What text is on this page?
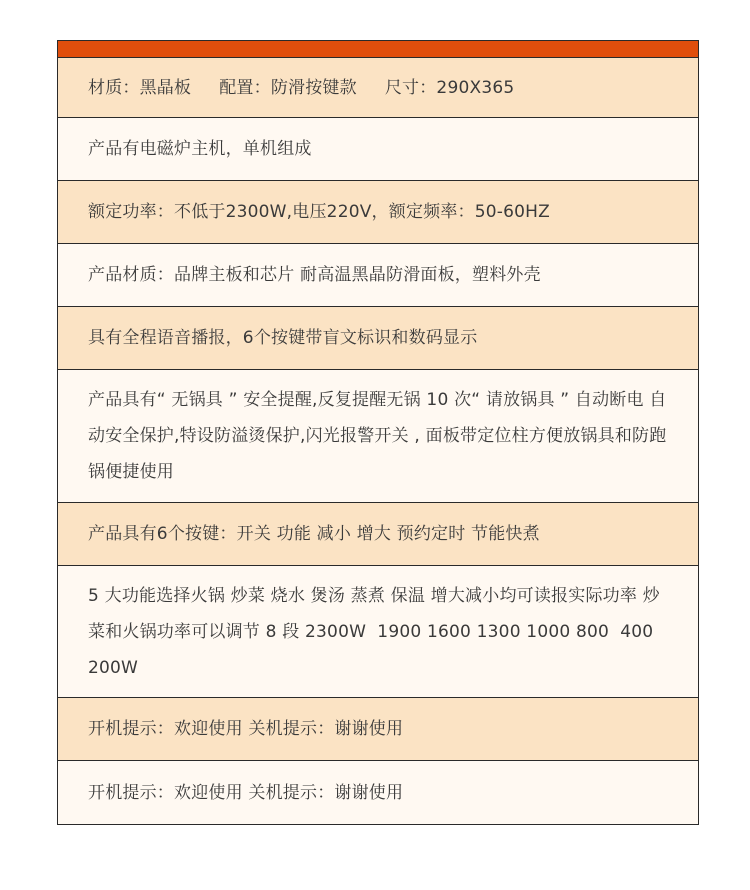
材质：黑晶板     配置：防滑按键款     尺寸：290X365
产品有电磁炉主机，单机组成
额定功率：不低于2300W,电压220V，额定频率：50-60HZ
产品材质：品牌主板和芯片 耐高温黑晶防滑面板，塑料外壳
具有全程语音播报，6个按键带盲文标识和数码显示
产品具有“ 无锅具 ” 安全提醒,反复提醒无锅 10 次“ 请放锅具 ” 自动断电 自动安全保护,特设防溢烫保护,闪光报警开关 , 面板带定位柱方便放锅具和防跑锅便捷使用
产品具有6个按键：开关 功能 减小 增大 预约定时 节能快煮
5 大功能选择火锅 炒菜 烧水 煲汤 蒸煮 保温 增大减小均可读报实际功率 炒菜和火锅功率可以调节 8 段 2300W  1900 1600 1300 1000 800  400 200W
开机提示：欢迎使用 关机提示：谢谢使用
开机提示：欢迎使用 关机提示：谢谢使用
